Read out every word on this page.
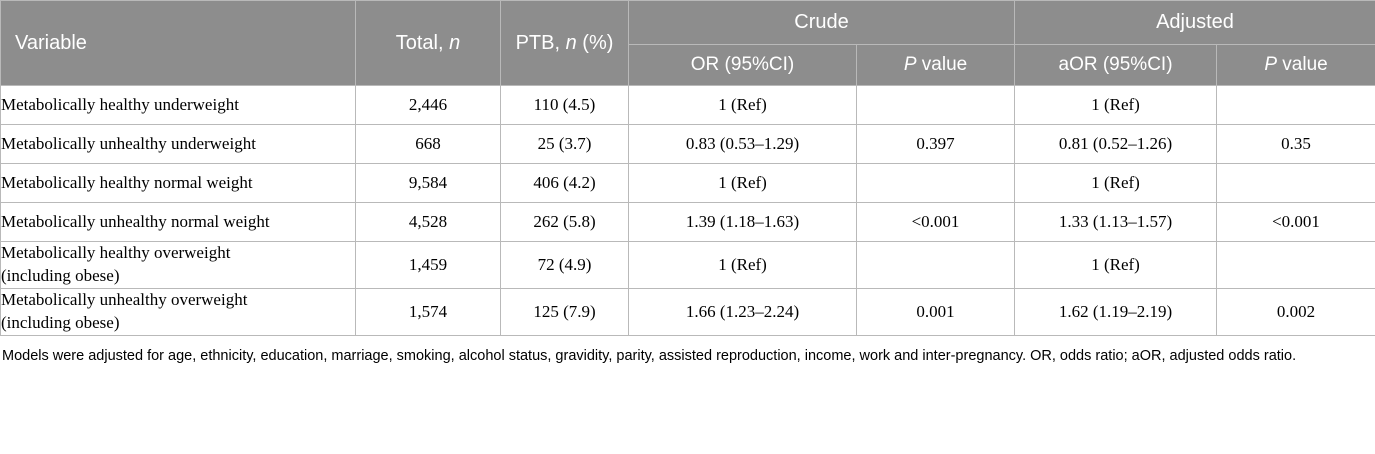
Variable	Total, n	PTB, n (%)	Crude		Adjusted	
			OR (95%CI)	P value	aOR (95%CI)	P value
Metabolically healthy underweight	2,446	110 (4.5)	1 (Ref)		1 (Ref)	
Metabolically unhealthy underweight	668	25 (3.7)	0.83 (0.53–1.29)	0.397	0.81 (0.52–1.26)	0.35
Metabolically healthy normal weight	9,584	406 (4.2)	1 (Ref)		1 (Ref)	
Metabolically unhealthy normal weight	4,528	262 (5.8)	1.39 (1.18–1.63)	<0.001	1.33 (1.13–1.57)	<0.001
Metabolically healthy overweight
(including obese)	1,459	72 (4.9)	1 (Ref)		1 (Ref)	
Metabolically unhealthy overweight
(including obese)	1,574	125 (7.9)	1.66 (1.23–2.24)	0.001	1.62 (1.19–2.19)	0.002
Models were adjusted for age, ethnicity, education, marriage, smoking, alcohol status, gravidity, parity, assisted reproduction, income, work and inter-pregnancy. OR, odds ratio; aOR, adjusted odds ratio.
